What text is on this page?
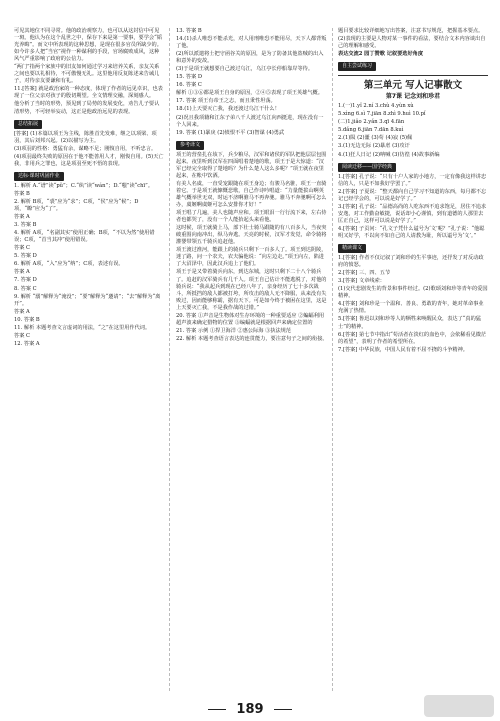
可见其地位不同寻常。他的政治观察力，也可以从这封信中可见一斑。他认为在这个乱世之中，保存下来是第一要事，要学会“韬光养晦”。而文中所表现的这种思想，是现在很多官员所缺少的。如今许多人把“当官”视作一种谋利的手段，官场腐败成风，这种风气严重影响了政府的公信力。

“两门”指两个家族中的旧友如何通过学习来培养关系，亲友关系之间也要以礼相待，不可傲慢无礼。这里他用反复陈述来告诫儿子，对待亲友要谦和有礼。

11.[答案] 就是政治家的一种态度，体现了作者的远见卓识，也表现了一位父亲对孩子的殷切期望。全文情理交融，深刻感人。

他分析了当时的形势，预见到了局势的发展变化，劝告儿子要认清形势，不可轻举妄动，这正是他政治远见的表现。

总结拓展

[答案] (1)本篇以项王为主线，陈胜首先发难，继之以项梁、项羽，其后刘邦兴起。(2)以描写为主。

(3)项羽的性格：勇猛有余，谋略不足；刚愎自用，不听忠言。

(4)项羽最终失败的原因在于他不能善用人才，刚愎自用。(5)天亡我，非用兵之罪也，这是项羽至死不悟的表现。

达标·课时巩固作业

1. 解析 A.“谱”读“pǔ”；C.“纨”读“wán”；D.“嗤”读“chī”。

答案 B

2. 解析 B项，“裘”应为“求”；C项，“侯”应为“候”；D项，“瞭”应为“了”。

答案 A

3. 答案 B

4. 解析 A项，“名副其实”使用正确；B项，“不以为然”使用错误；C项，“首当其冲”使用错误。

答案 C

5. 答案 D

6. 解析 A项，“入”应为“纳”；C项，表述有误。

答案 A

7. 答案 D

8. 答案 C

9. 解析 “溺”解释为“淹没”；“要”解释为“邀请”；“去”解释为“离开”。

答案 A

10. 答案 B

11. 解析 本题考查文言虚词的用法，“之”在这里用作代词。

答案 C

12. 答案 A

13. 答案 B

14.(1)杀人唯恐不能杀光，对人用刑唯恐不能用尽，天下人都背叛了他。

(2)所以派遣将士把守函谷关的原因，是为了防备其他盗贼的出入和意外的变故。

(3)于是项王就想要自己渡过乌江，乌江亭长停船靠岸等待。

15. 答案 D

16. 答案 C

解析 ①③⑥都是项王自身的原因，②④⑤表现了项王英雄气概。

17. 答案 项王有帝王之志，而且秉性坦荡。

18.(1)上天要灭亡我，我还渡过乌江干什么！

(2)况且我项籍和江东子弟八千人渡过乌江向西挺进，现在没有一个人回来。

19. 答案 (1)暴戾 (2)愤恨不平 (3)智谋 (4)勇武

参考译文

项王的营垒扎在垓下，兵少粮尽，汉军和诸侯的军队把他层层包围起来。夜里听到汉军在四面唱着楚地的歌，项王于是大惊道：“汉军已经完全取得了楚地吗？为什么楚人这么多呢？”项王就在夜里起来，在帐中饮酒。

有美人名虞，一直受宠跟随在项王身边；有骏马名骓，项王一直骑着它。于是项王就慷慨悲歌，自己作诗吟唱道：“力量能拔山啊英雄气概举世无双，时运不济啊骓马不再奔驰。骓马不奔驰啊可怎么办，虞姬啊虞姬可怎么安排你才好！”

项王唱了几遍，美人也随声应和。项王眼泪一行行流下来，左右侍者也都哭了，没有一个人能抬起头来看他。

这时候，项王就骑上马，部下壮士骑马跟随的有八百多人，当夜突破重围向南冲出，纵马奔逃。天亮的时候，汉军才发觉，命令骑将灌婴带领五千骑兵追赶他。

项王渡过淮河，能跟上的骑兵只剩下一百多人了。项王到达阴陵，迷了路，问一个农夫，农夫骗他说：“向左边走。”项王向左，陷进了大沼泽中，因此汉兵追上了他们。

项王于是又带着骑兵向东，到达东城，这时只剩下二十八个骑兵了。追赶的汉军骑兵有几千人。项王自己估计不能逃脱了，对他的骑兵说：“我从起兵到现在已经八年了，亲身经历了七十多次战斗，所抵挡的敌人都被打垮，所攻击的敌人无不降服，从来没有失败过，因而能够称霸，据有天下。可是如今终于被困在这里，这是上天要灭亡我，不是我作战的过错。”

20. 答案 ①声音是生物体对生存环境的一种重要适应 ②蝙蝠利用超声波来确定猎物的位置 ③编蝠就是根据回声来确定位置的

21. 答案 示例 ①捍卫海洋 ②惠公际海 ③执法规范

22. 解析 本题考查语言表达的连贯能力，要注意句子之间的衔接。

题目要求比较详细地写出答案，注意书写规范，把握基本要点。

(2)表现的主要是人物对某一事件的看法，要结合文本内容谈出自己的理解和感受。

表达交流2 园丁赞歌 记叙要选好角度

自主尝试练习
第三单元 写人记事散文
第7课 记念刘和珍君

1.(一)1.yǐ 2.ní 3.chù 4.yùn xù

5.xìng 6.sì 7.jiān 8.zhì 9.huì 10.pǐ

(二)1.jiǎo 2.yǎn 3.qī 4.fān

5.dǎng 6.jiān 7.dān 8.kuì

2.(1)陨 (2)噩 (3)苟 (4)寂 (5)佩

3.(1)无边无际 (2)暴虐 (3)攻讦

4.(1)狂人日记 (2)呐喊 (3)彷徨 (4)故事新编

阅读迁移——国学经典

1.[答案] 孔子说：“只有十户人家的小地方，一定有像我这样讲忠信的人，只是不如我好学罢了。”

2.[答案] 子夏说：“整天都向自己学习不知道的东西，每月都不忘记已经学会的，可以说是好学了。”

3.[答案] 孔子说：“品德高尚的人吃东西不追求饱足，居住不追求安逸，对工作勤奋敏捷，说话却小心谨慎，到有道德的人那里去匡正自己，这样可以说是好学了。”

4.[答案] 子贡问：“孔文子凭什么谥号为‘文’呢？”孔子说：“他聪明又好学，不以向不如自己的人请教为耻，所以谥号为‘文’。”

精读课文

1.[答案] 作者不仅记叙了刘和珍的生平事迹，还抒发了对反动政府的愤怒。

2.[答案] 三、四、五节

3.[答案] 文章线索：

(1)交代悲剧发生的背景和事件经过。(2)歌颂刘和珍等青年的爱国精神。

4.[答案] 刘和珍是一个温和、善良、勇敢的青年，她对革命事业充满了热情。

5.[答案] 鲁迅以刘和珍等人的牺牲来唤醒民众，表达了“真的猛士”的精神。

6.[答案] 第七节中指出“苟活者在淡红的血色中，会依稀看见微茫的希望”，表明了作者的希望所在。

7.[答案] 中华民族，中国人民有着不屈不挠的斗争精神。

189
